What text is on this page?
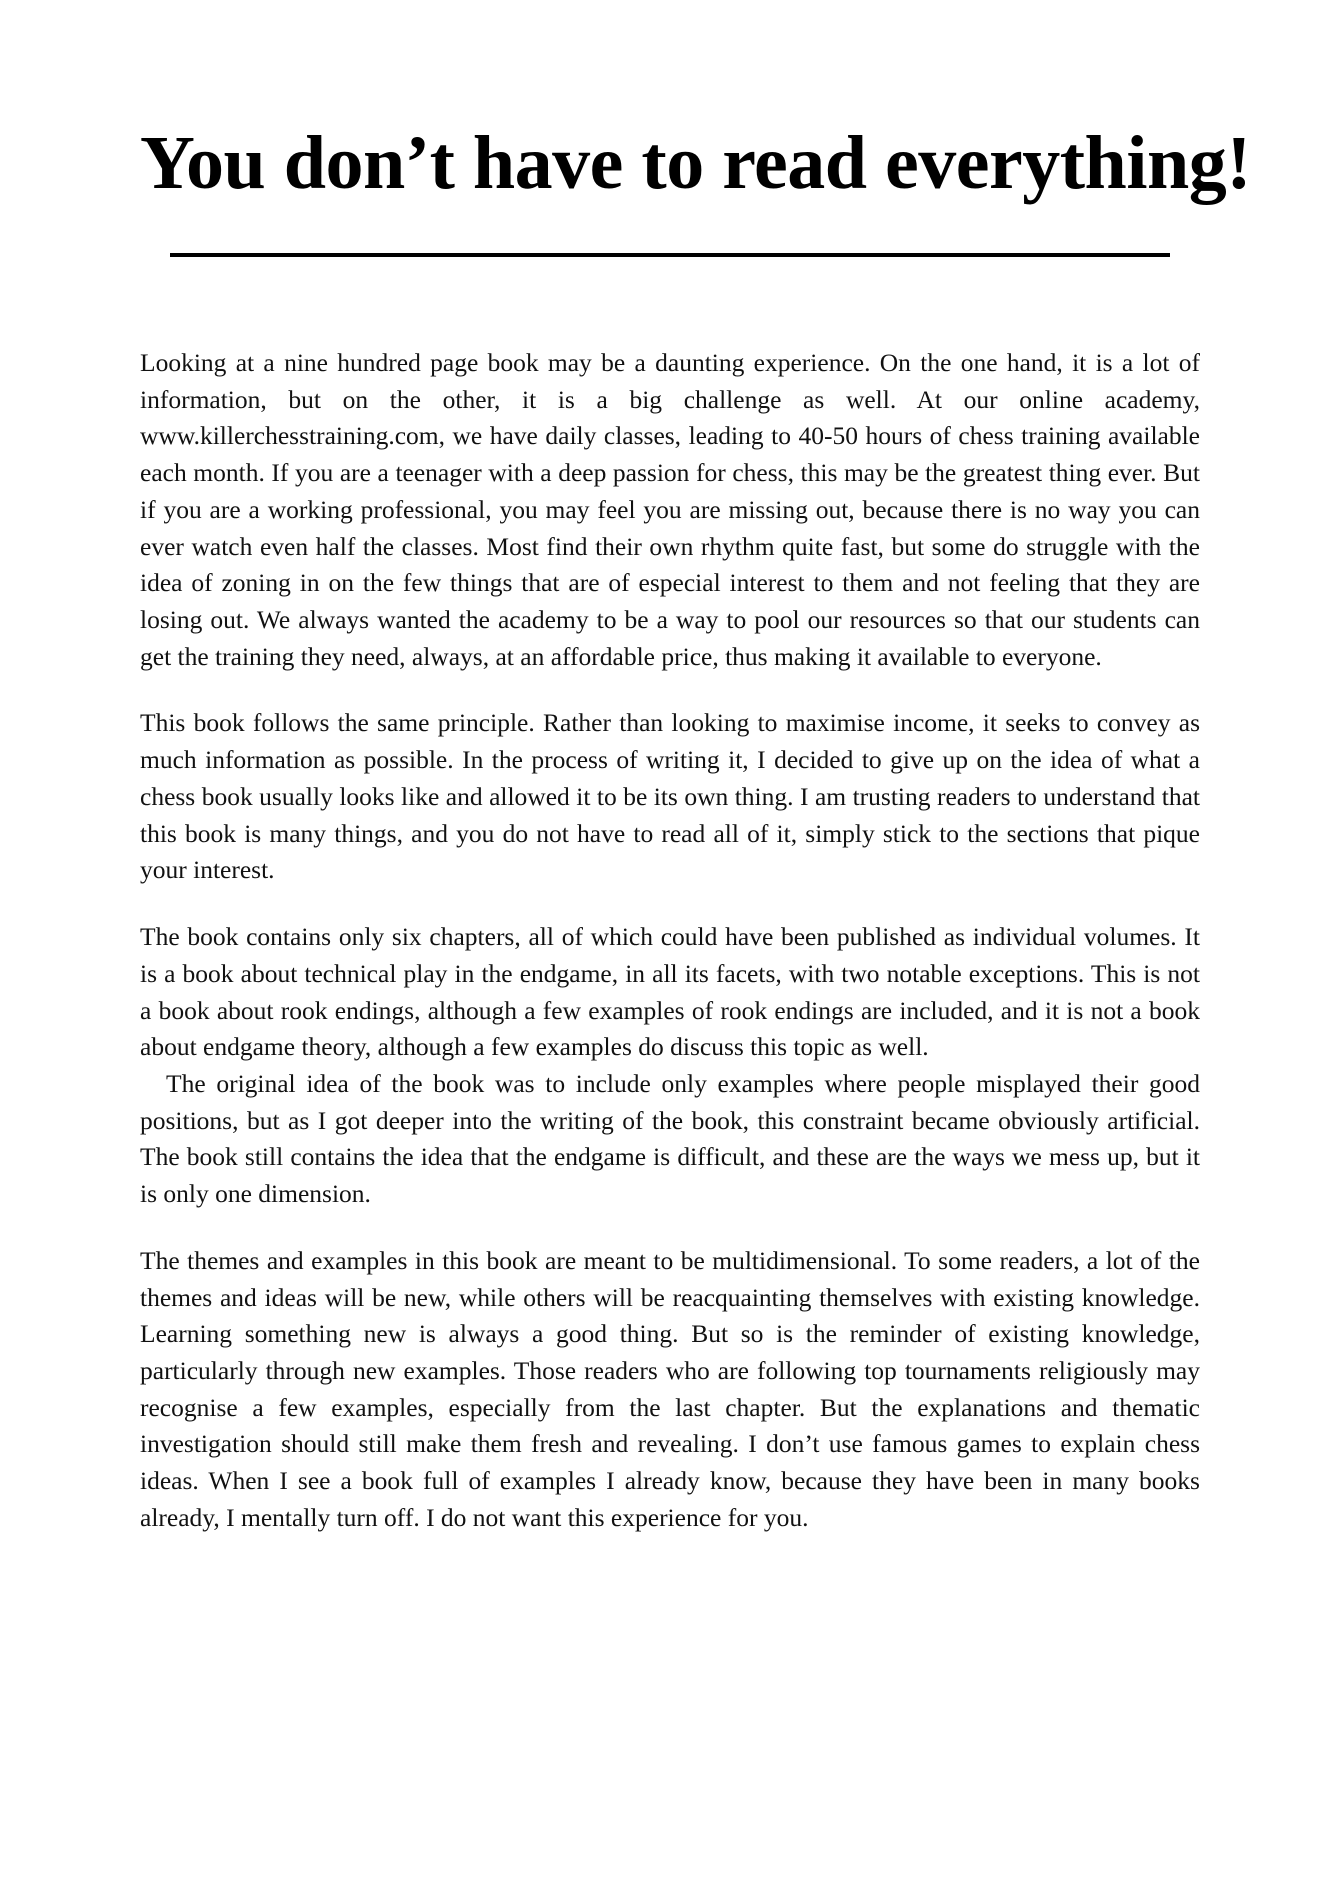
You don’t have to read everything!

Looking at a nine hundred page book may be a daunting experience. On the one hand, it is a lot of information, but on the other, it is a big challenge as well. At our online academy, www.killerchesstraining.com, we have daily classes, leading to 40-50 hours of chess training available each month. If you are a teenager with a deep passion for chess, this may be the greatest thing ever. But if you are a working professional, you may feel you are missing out, because there is no way you can ever watch even half the classes. Most find their own rhythm quite fast, but some do struggle with the idea of zoning in on the few things that are of especial interest to them and not feeling that they are losing out. We always wanted the academy to be a way to pool our resources so that our students can get the training they need, always, at an affordable price, thus making it available to everyone.

This book follows the same principle. Rather than looking to maximise income, it seeks to convey as much information as possible. In the process of writing it, I decided to give up on the idea of what a chess book usually looks like and allowed it to be its own thing. I am trusting readers to understand that this book is many things, and you do not have to read all of it, simply stick to the sections that pique your interest.

The book contains only six chapters, all of which could have been published as individual volumes. It is a book about technical play in the endgame, in all its facets, with two notable exceptions. This is not a book about rook endings, although a few examples of rook endings are included, and it is not a book about endgame theory, although a few examples do discuss this topic as well.

The original idea of the book was to include only examples where people misplayed their good positions, but as I got deeper into the writing of the book, this constraint became obviously artificial. The book still contains the idea that the endgame is difficult, and these are the ways we mess up, but it is only one dimension.

The themes and examples in this book are meant to be multidimensional. To some readers, a lot of the themes and ideas will be new, while others will be reacquainting themselves with existing knowledge. Learning something new is always a good thing. But so is the reminder of existing knowledge, particularly through new examples. Those readers who are following top tournaments religiously may recognise a few examples, especially from the last chapter. But the explanations and thematic investigation should still make them fresh and revealing. I don’t use famous games to explain chess ideas. When I see a book full of examples I already know, because they have been in many books already, I mentally turn off. I do not want this experience for you.
